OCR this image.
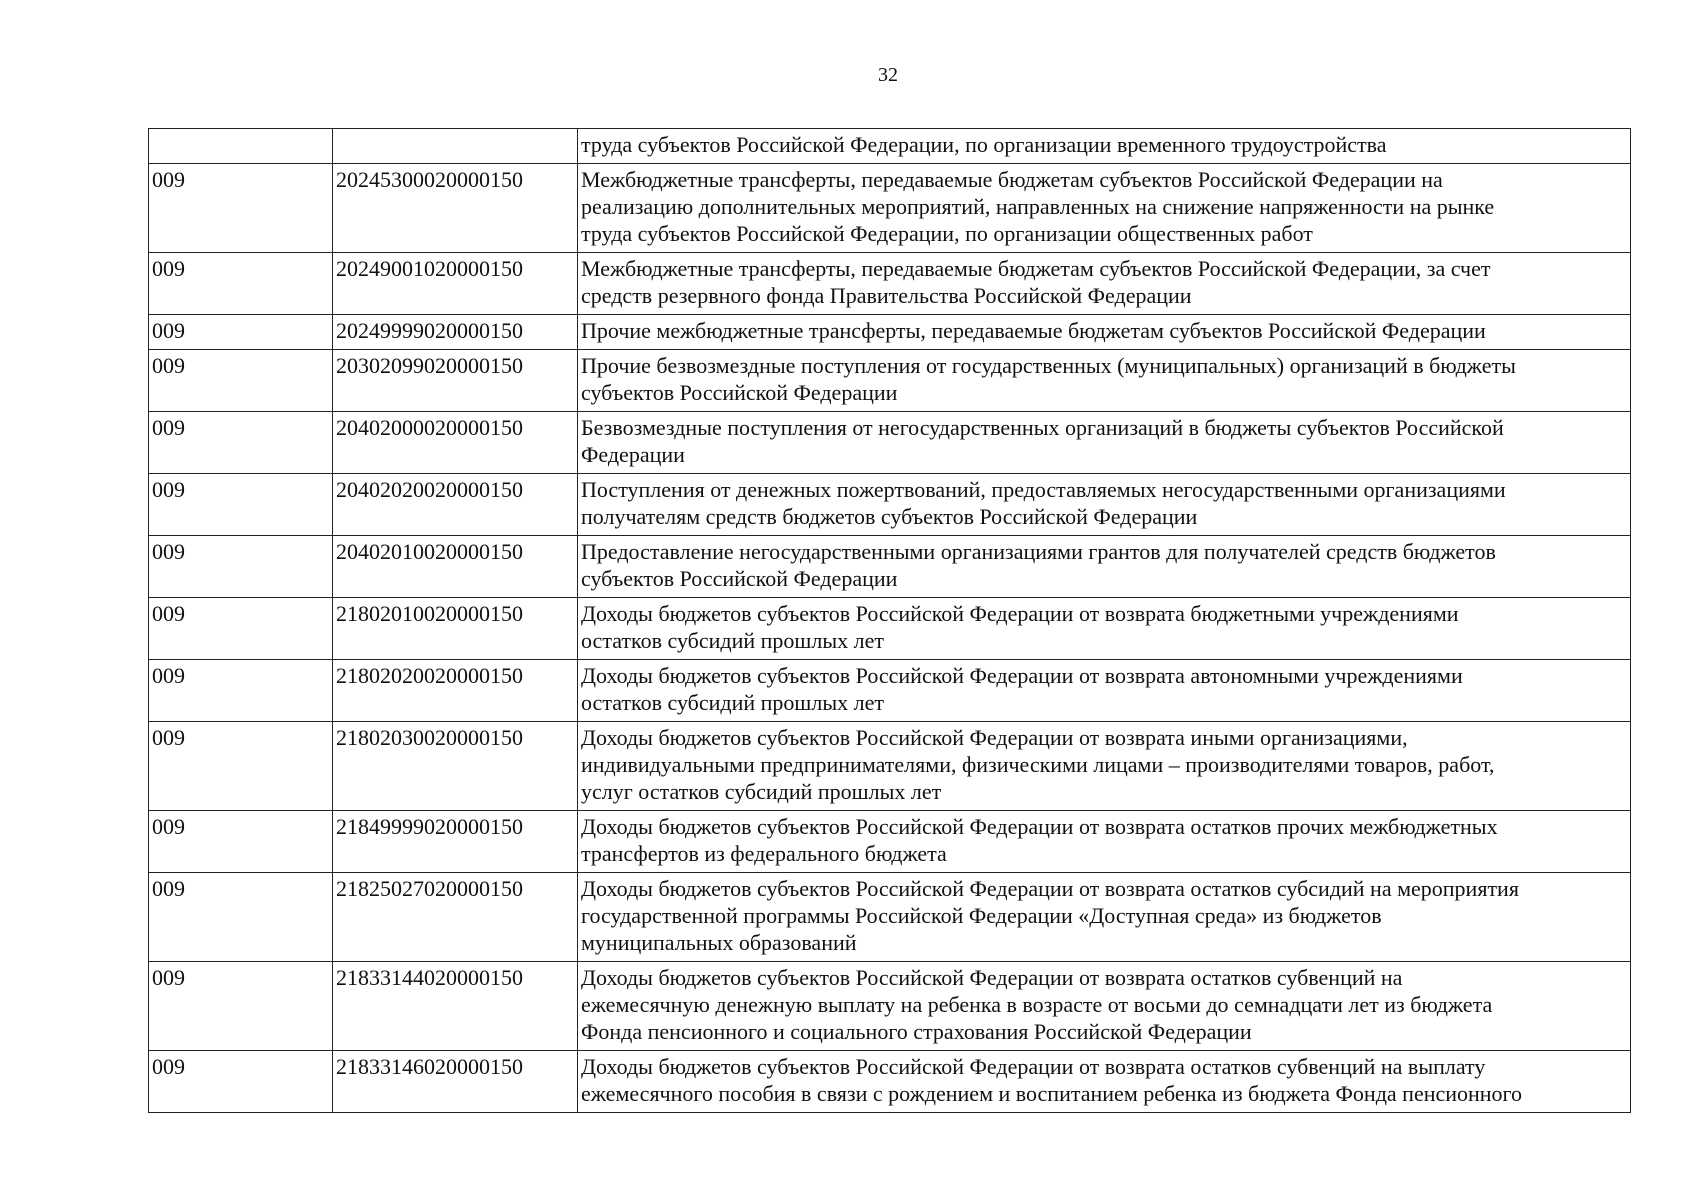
32

		труда субъектов Российской Федерации, по организации временного трудоустройства

009	20245300020000150	Межбюджетные трансферты, передаваемые бюджетам субъектов Российской Федерации на
реализацию дополнительных мероприятий, направленных на снижение напряженности на рынке
труда субъектов Российской Федерации, по организации общественных работ

009	20249001020000150	Межбюджетные трансферты, передаваемые бюджетам субъектов Российской Федерации, за счет
средств резервного фонда Правительства Российской Федерации

009	20249999020000150	Прочие межбюджетные трансферты, передаваемые бюджетам субъектов Российской Федерации

009	20302099020000150	Прочие безвозмездные поступления от государственных (муниципальных) организаций в бюджеты
субъектов Российской Федерации

009	20402000020000150	Безвозмездные поступления от негосударственных организаций в бюджеты субъектов Российской
Федерации

009	20402020020000150	Поступления от денежных пожертвований, предоставляемых негосударственными организациями
получателям средств бюджетов субъектов Российской Федерации

009	20402010020000150	Предоставление негосударственными организациями грантов для получателей средств бюджетов
субъектов Российской Федерации

009	21802010020000150	Доходы бюджетов субъектов Российской Федерации от возврата бюджетными учреждениями
остатков субсидий прошлых лет

009	21802020020000150	Доходы бюджетов субъектов Российской Федерации от возврата автономными учреждениями
остатков субсидий прошлых лет

009	21802030020000150	Доходы бюджетов субъектов Российской Федерации от возврата иными организациями,
индивидуальными предпринимателями, физическими лицами – производителями товаров, работ,
услуг остатков субсидий прошлых лет

009	21849999020000150	Доходы бюджетов субъектов Российской Федерации от возврата остатков прочих межбюджетных
трансфертов из федерального бюджета

009	21825027020000150	Доходы бюджетов субъектов Российской Федерации от возврата остатков субсидий на мероприятия
государственной программы Российской Федерации «Доступная среда» из бюджетов
муниципальных образований

009	21833144020000150	Доходы бюджетов субъектов Российской Федерации от возврата остатков субвенций на
ежемесячную денежную выплату на ребенка в возрасте от восьми до семнадцати лет из бюджета
Фонда пенсионного и социального страхования Российской Федерации

009	21833146020000150	Доходы бюджетов субъектов Российской Федерации от возврата остатков субвенций на выплату
ежемесячного пособия в связи с рождением и воспитанием ребенка из бюджета Фонда пенсионного
